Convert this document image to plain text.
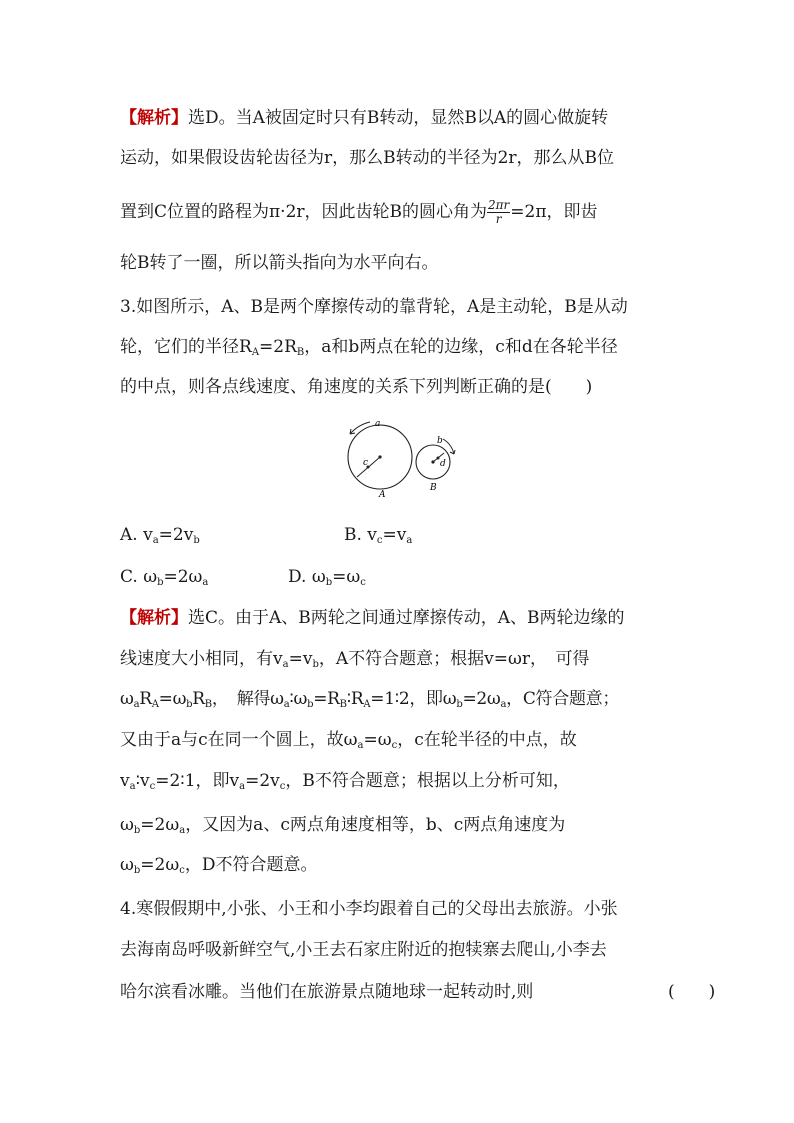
【解析】选D。当A被固定时只有B转动，显然B以A的圆心做旋转
运动，如果假设齿轮齿径为r，那么B转动的半径为2r，那么从B位
置到C位置的路程为π·2r，因此齿轮B的圆心角为 $\frac{2\pi r}{r} =2\pi$，即齿
轮B转了一圈，所以箭头指向为水平向右。
3.如图所示，A、B是两个摩擦传动的靠背轮，A是主动轮，B是从动
轮，它们的半径$R_A=2R_B$，a和b两点在轮的边缘，c和d在各轮半径
的中点，则各点线速度、角速度的关系下列判断正确的是(　　)
a
c
A
b
d
B
A. $v_a=2v_b$	B. $v_c=v_a$
C. $\omega_b=2\omega_a$	D. $\omega_b=\omega_c$
【解析】选C。由于A、B两轮之间通过摩擦传动，A、B两轮边缘的
线速度大小相同，有$v_a=v_b$，A不符合题意；根据v=ωr，　可得
$\omega_aR_A=\omega_bR_B$，　解得$\omega_a∶\omega_b=R_B∶R_A=1∶2$，即$\omega_b=2\omega_a$，C符合题意；
又由于a与c在同一个圆上，故$\omega_a=\omega_c$，c在轮半径的中点，故
$v_a∶v_c=2∶1$，即$v_a=2v_c$，B不符合题意；根据以上分析可知，
$\omega_b=2\omega_a$，又因为a、c两点角速度相等，b、c两点角速度为
$\omega_b=2\omega_c$，D不符合题意。
4.寒假假期中,小张、小王和小李均跟着自己的父母出去旅游。小张
去海南岛呼吸新鲜空气,小王去石家庄附近的抱犊寨去爬山,小李去
哈尔滨看冰雕。当他们在旅游景点随地球一起转动时,则	(　　)
